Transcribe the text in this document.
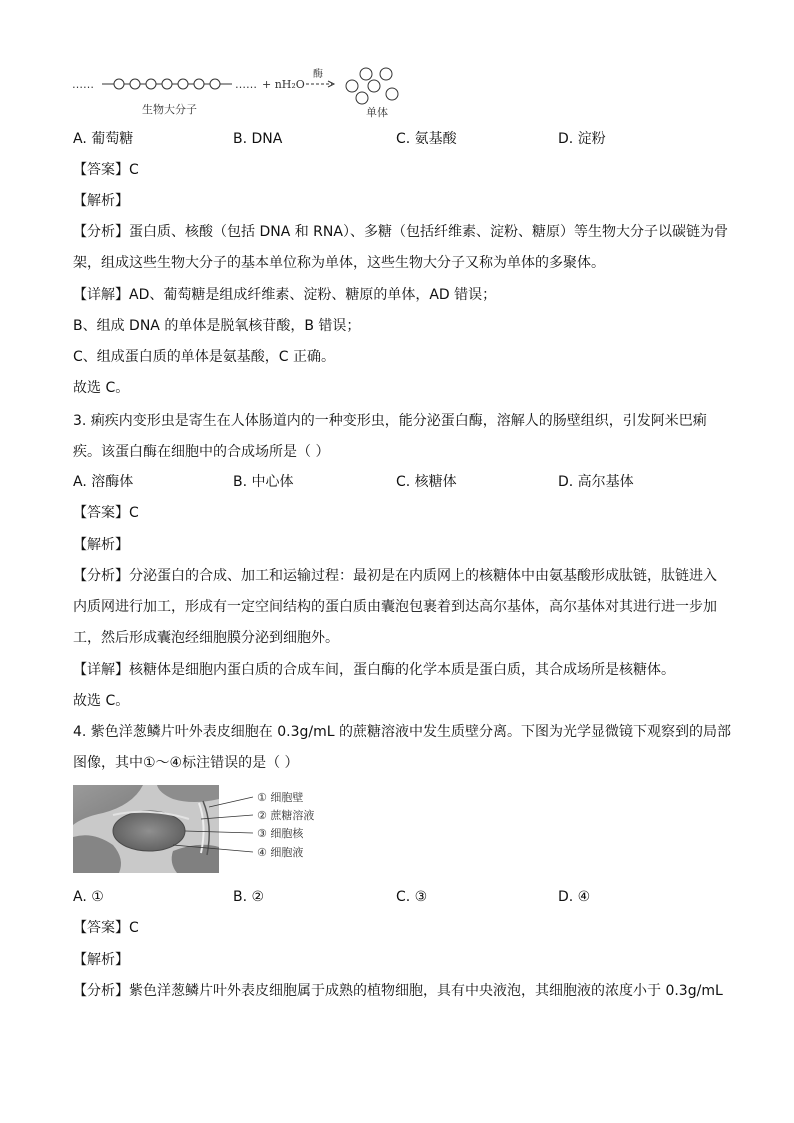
……	…… + nH₂O
酶
生物大分子	单体
A. 葡萄糖	B. DNA	C. 氨基酸	D. 淀粉
【答案】C
【解析】
【分析】蛋白质、核酸（包括 DNA 和 RNA）、多糖（包括纤维素、淀粉、糖原）等生物大分子以碳链为骨
架，组成这些生物大分子的基本单位称为单体，这些生物大分子又称为单体的多聚体。
【详解】AD、葡萄糖是组成纤维素、淀粉、糖原的单体，AD 错误；
B、组成 DNA 的单体是脱氧核苷酸，B 错误；
C、组成蛋白质的单体是氨基酸，C 正确。
故选 C。
3. 痢疾内变形虫是寄生在人体肠道内的一种变形虫，能分泌蛋白酶，溶解人的肠壁组织，引发阿米巴痢
疾。该蛋白酶在细胞中的合成场所是（ ）
A. 溶酶体	B. 中心体	C. 核糖体	D. 高尔基体
【答案】C
【解析】
【分析】分泌蛋白的合成、加工和运输过程：最初是在内质网上的核糖体中由氨基酸形成肽链，肽链进入
内质网进行加工，形成有一定空间结构的蛋白质由囊泡包裹着到达高尔基体，高尔基体对其进行进一步加
工，然后形成囊泡经细胞膜分泌到细胞外。
【详解】核糖体是细胞内蛋白质的合成车间，蛋白酶的化学本质是蛋白质，其合成场所是核糖体。
故选 C。
4. 紫色洋葱鳞片叶外表皮细胞在 0.3g/mL 的蔗糖溶液中发生质壁分离。下图为光学显微镜下观察到的局部
图像，其中①～④标注错误的是（ ）
① 细胞壁
② 蔗糖溶液
③ 细胞核
④ 细胞液
A. ①	B. ②	C. ③	D. ④
【答案】C
【解析】
【分析】紫色洋葱鳞片叶外表皮细胞属于成熟的植物细胞，具有中央液泡，其细胞液的浓度小于 0.3g/mL
